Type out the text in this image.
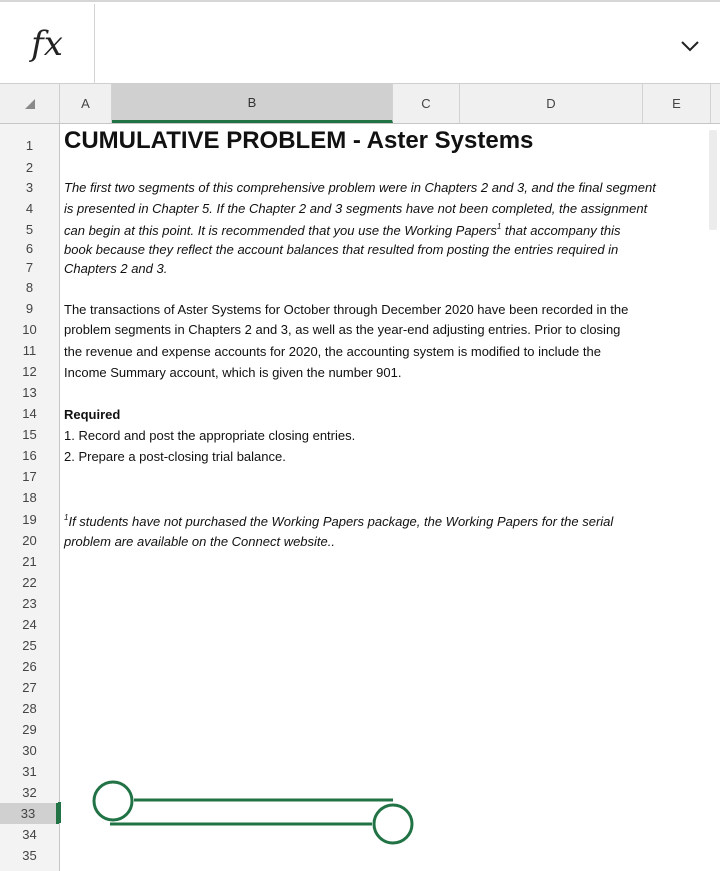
fx
A	B	C	D	E
1
2
3
4
5
6
7
8
9
10
11
12
13
14
15
16
17
18
19
20
21
22
23
24
25
26
27
28
29
30
31
32
33
34
35
CUMULATIVE PROBLEM - Aster Systems
The first two segments of this comprehensive problem were in Chapters 2 and 3, and the final segment
is presented in Chapter 5. If the Chapter 2 and 3 segments have not been completed, the assignment
can begin at this point. It is recommended that you use the Working Papers$^1$ that accompany this
book because they reflect the account balances that resulted from posting the entries required in
Chapters 2 and 3.
The transactions of Aster Systems for October through December 2020 have been recorded in the
problem segments in Chapters 2 and 3, as well as the year-end adjusting entries. Prior to closing
the revenue and expense accounts for 2020, the accounting system is modified to include the
Income Summary account, which is given the number 901.
Required
1. Record and post the appropriate closing entries.
2. Prepare a post-closing trial balance.
$^1$If students have not purchased the Working Papers package, the Working Papers for the serial
problem are available on the Connect website..
